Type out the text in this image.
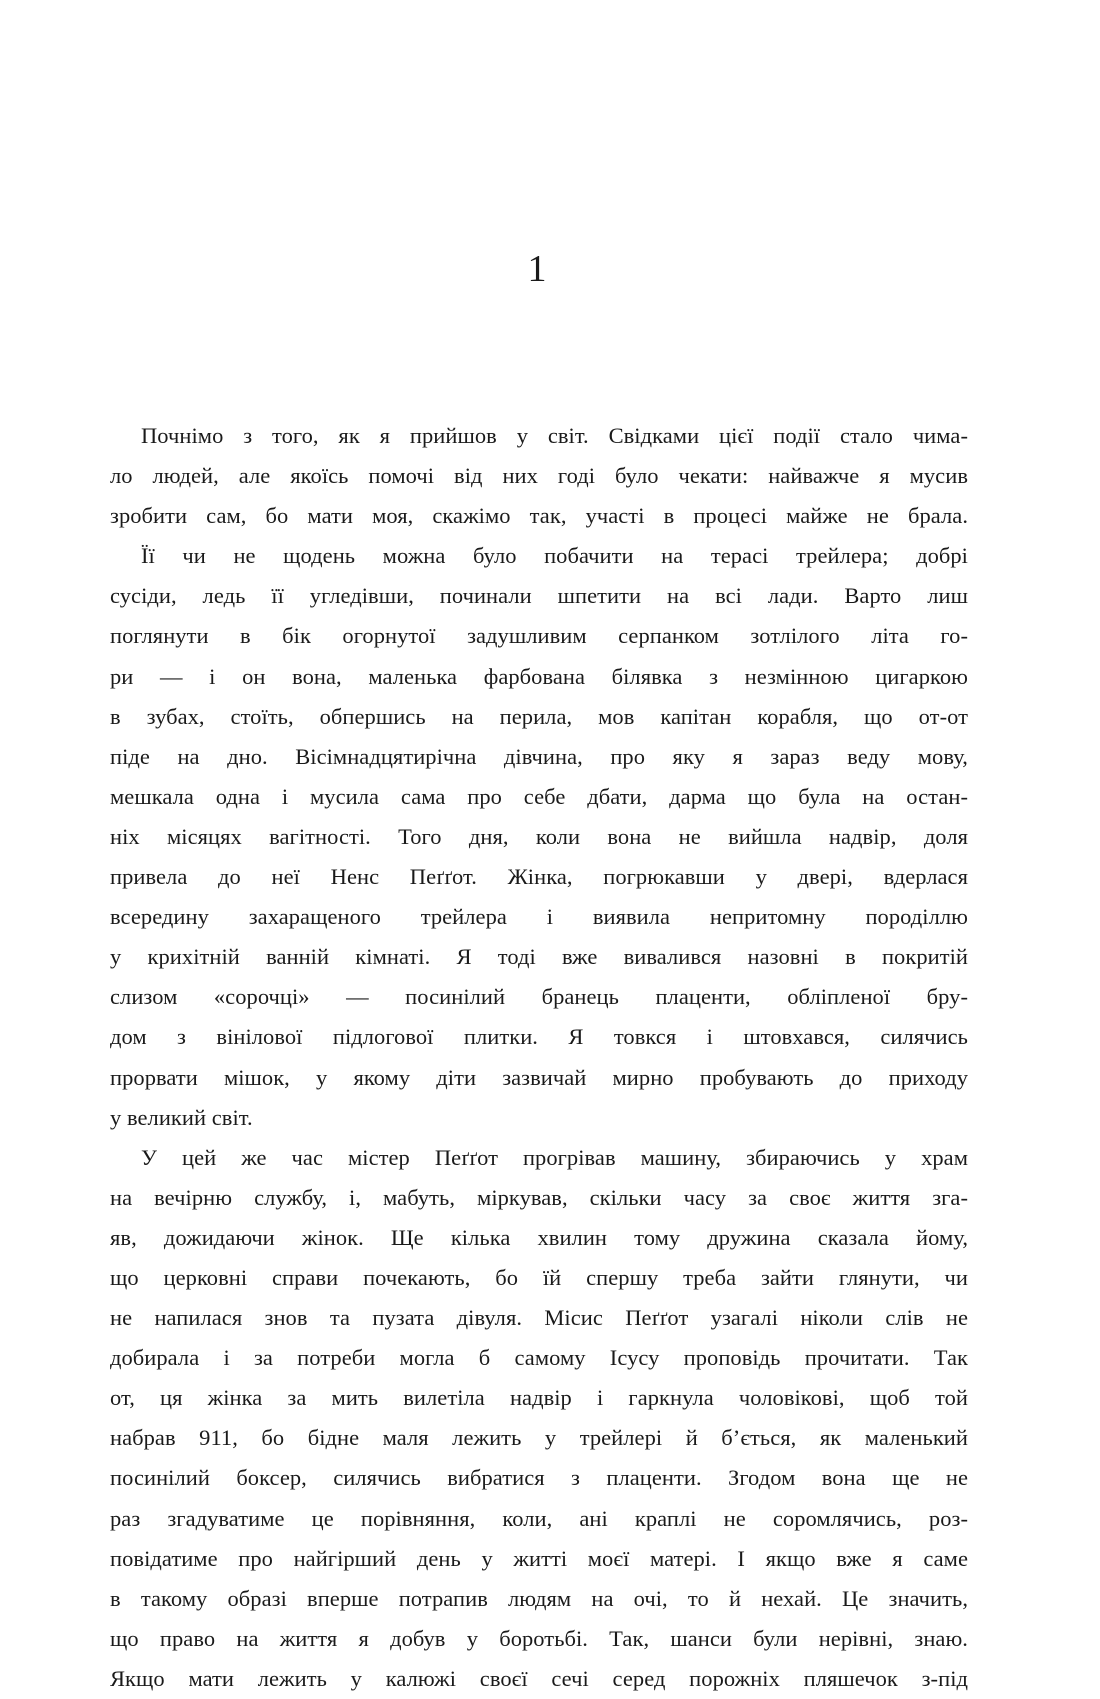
1
Почнімо з того, як я прийшов у світ. Свідками цієї події стало чима-
ло людей, але якоїсь помочі від них годі було чекати: найважче я мусив
зробити сам, бо мати моя, скажімо так, участі в процесі майже не брала.
Її чи не щодень можна було побачити на терасі трейлера; добрі
сусіди, ледь її угледівши, починали шпетити на всі лади. Варто лиш
поглянути в бік огорнутої задушливим серпанком зотлілого літа го-
ри — і он вона, маленька фарбована білявка з незмінною цигаркою
в зубах, стоїть, обпершись на перила, мов капітан корабля, що от-от
піде на дно. Вісімнадцятирічна дівчина, про яку я зараз веду мову,
мешкала одна і мусила сама про себе дбати, дарма що була на остан-
ніх місяцях вагітності. Того дня, коли вона не вийшла надвір, доля
привела до неї Ненс Пеґґот. Жінка, погрюкавши у двері, вдерлася
всередину захаращеного трейлера і виявила непритомну породіллю
у крихітній ванній кімнаті. Я тоді вже вивалився назовні в покритій
слизом «сорочці» — посинілий бранець плаценти, обліпленої бру-
дом з вінілової підлогової плитки. Я товкся і штовхався, силячись
прорвати мішок, у якому діти зазвичай мирно пробувають до приходу
у великий світ.
У цей же час містер Пеґґот прогрівав машину, збираючись у храм
на вечірню службу, і, мабуть, міркував, скільки часу за своє життя зга-
яв, дожидаючи жінок. Ще кілька хвилин тому дружина сказала йому,
що церковні справи почекають, бо їй спершу треба зайти глянути, чи
не напилася знов та пузата дівуля. Місис Пеґґот узагалі ніколи слів не
добирала і за потреби могла б самому Ісусу проповідь прочитати. Так
от, ця жінка за мить вилетіла надвір і гаркнула чоловікові, щоб той
набрав 911, бо бідне маля лежить у трейлері й б’ється, як маленький
посинілий боксер, силячись вибратися з плаценти. Згодом вона ще не
раз згадуватиме це порівняння, коли, ані краплі не соромлячись, роз-
повідатиме про найгірший день у житті моєї матері. І якщо вже я саме
в такому образі вперше потрапив людям на очі, то й нехай. Це значить,
що право на життя я добув у боротьбі. Так, шанси були нерівні, знаю.
Якщо мати лежить у калюжі своєї сечі серед порожніх пляшечок з-під
